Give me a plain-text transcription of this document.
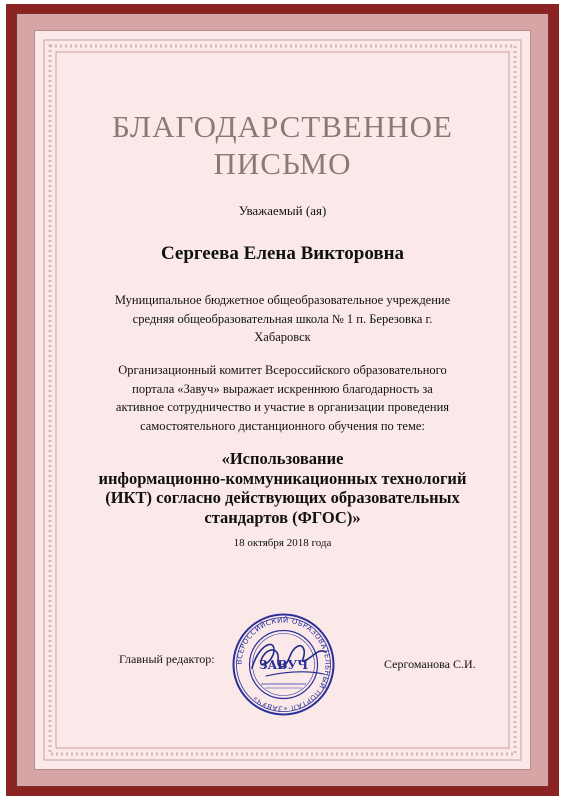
БЛАГОДАРСТВЕННОЕ
ПИСЬМО
Уважаемый (ая)
Сергеева Елена Викторовна
Муниципальное бюджетное общеобразовательное учреждение
средняя общеобразовательная школа № 1 п. Березовка г.
Хабаровск
Организационный комитет Всероссийского образовательного
портала «Завуч» выражает искреннюю благодарность за
активное сотрудничество и участие в организации проведения
самостоятельного дистанционного обучения по теме:
«Использование
информационно-коммуникационных технологий
(ИКТ) согласно действующих образовательных
стандартов (ФГОС)»
18 октября 2018 года
Главный редактор:	ВСЕРОССИЙСКИЙ ОБРАЗОВАТЕЛЬНЫЙ ПОРТАЛ «ЗАВУЧ»
ЗАВУЧ	Сергоманова С.И.
